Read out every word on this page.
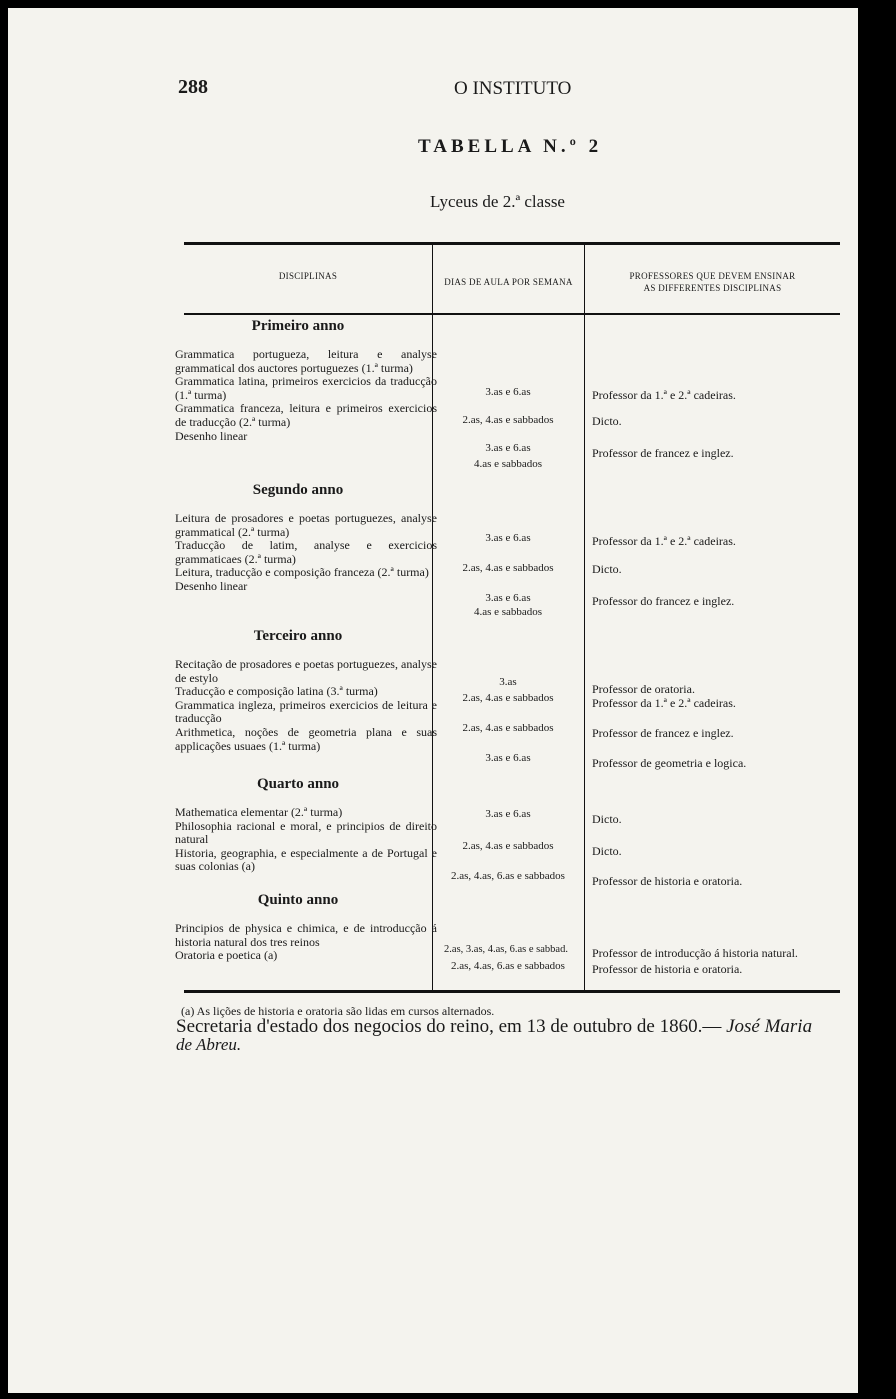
288	O INSTITUTO
TABELLA N.º 2
Lyceus de 2.ª classe
DISCIPLINAS
DIAS DE AULA POR SEMANA
PROFESSORES QUE DEVEM ENSINAR
AS DIFFERENTES DISCIPLINAS
Primeiro anno
Grammatica portugueza, leitura e analyse grammatical dos auctores portuguezes (1.ª turma)
Grammatica latina, primeiros exercicios da traducção (1.ª turma)
Grammatica franceza, leitura e primeiros exercicios de traducção (2.ª turma)
Desenho linear
3.as e 6.as
2.as, 4.as e sabbados
3.as e 6.as
4.as e sabbados
Professor da 1.ª e 2.ª cadeiras.
Dicto.
Professor de francez e inglez.
Segundo anno
Leitura de prosadores e poetas portuguezes, analyse grammatical (2.ª turma)
Traducção de latim, analyse e exercicios grammaticaes (2.ª turma)
Leitura, traducção e composição franceza (2.ª turma)
Desenho linear
3.as e 6.as
2.as, 4.as e sabbados
3.as e 6.as
4.as e sabbados
Professor da 1.ª e 2.ª cadeiras.
Dicto.
Professor do francez e inglez.
Terceiro anno
Recitação de prosadores e poetas portuguezes, analyse de estylo
Traducção e composição latina (3.ª turma)
Grammatica ingleza, primeiros exercicios de leitura e traducção
Arithmetica, noções de geometria plana e suas applicações usuaes (1.ª turma)
3.as
2.as, 4.as e sabbados
2.as, 4.as e sabbados
3.as e 6.as
Professor de oratoria.
Professor da 1.ª e 2.ª cadeiras.
Professor de francez e inglez.
Professor de geometria e logica.
Quarto anno
Mathematica elementar (2.ª turma)
Philosophia racional e moral, e principios de direito natural
Historia, geographia, e especialmente a de Portugal e suas colonias (a)
3.as e 6.as
2.as, 4.as e sabbados
2.as, 4.as, 6.as e sabbados
Dicto.
Dicto.
Professor de historia e oratoria.
Quinto anno
Principios de physica e chimica, e de introducção á historia natural dos tres reinos
Oratoria e poetica (a)	2.as, 3.as, 4.as, 6.as e sabbad.
2.as, 4.as, 6.as e sabbados
Professor de introducção á historia natural.
Professor de historia e oratoria.
(a) As lições de historia e oratoria são lidas em cursos alternados.
Secretaria d'estado dos negocios do reino, em 13 de outubro de 1860.— José Maria
de Abreu.
